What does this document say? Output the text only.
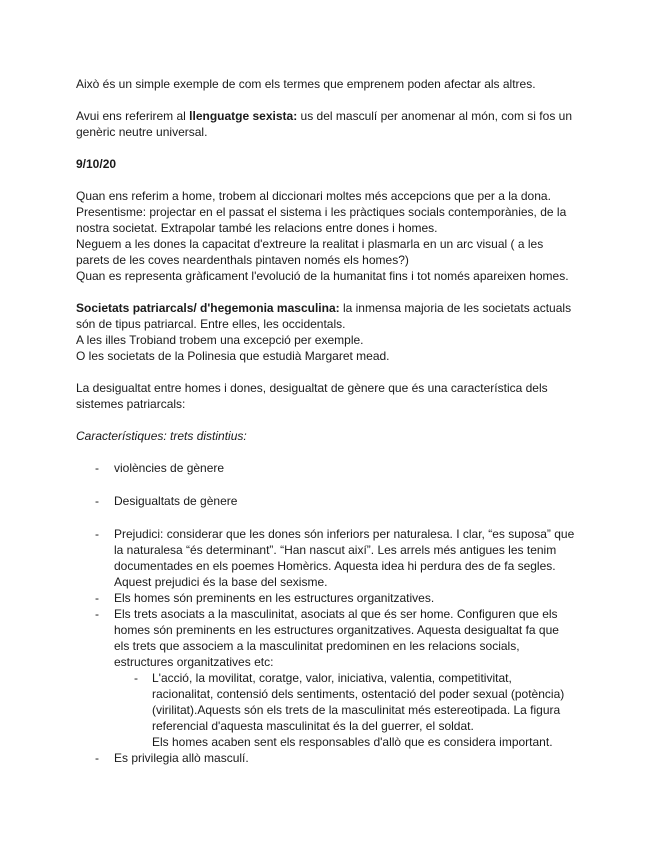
Això és un simple exemple de com els termes que emprenem poden afectar als altres.

Avui ens referirem al llenguatge sexista: us del masculí per anomenar al món, com si fos un genèric neutre universal.

9/10/20

Quan ens referim a home, trobem al diccionari moltes més accepcions que per a la dona.

Presentisme: projectar en el passat el sistema i les pràctiques socials contemporànies, de la nostra societat. Extrapolar també les relacions entre dones i homes.

Neguem a les dones la capacitat d'extreure la realitat i plasmarla en un arc visual ( a les parets de les coves neardenthals pintaven només els homes?)

Quan es representa gràficament l'evolució de la humanitat fins i tot només apareixen homes.

Societats patriarcals/ d'hegemonia masculina: la inmensa majoria de les societats actuals són de tipus patriarcal. Entre elles, les occidentals.

A les illes Trobiand trobem una excepció per exemple.

O les societats de la Polinesia que estudià Margaret mead.

La desigualtat entre homes i dones, desigualtat de gènere que és una característica dels sistemes patriarcals:

Característiques: trets distintius:

- violències de gènere
- Desigualtats de gènere
- Prejudici: considerar que les dones són inferiors per naturalesa. I clar, “es suposa” que la naturalesa “és determinant”. “Han nascut així”. Les arrels més antigues les tenim documentades en els poemes Homèrics. Aquesta idea hi perdura des de fa segles. Aquest prejudici és la base del sexisme.
- Els homes són preminents en les estructures organitzatives.
- Els trets asociats a la masculinitat, asociats al que és ser home. Configuren que els homes són preminents en les estructures organitzatives. Aquesta desigualtat fa que els trets que associem a la masculinitat predominen en les relacions socials, estructures organitzatives etc:
- L'acció, la movilitat, coratge, valor, iniciativa, valentia, competitivitat, racionalitat, contensió dels sentiments, ostentació del poder sexual (potència) (virilitat).Aquests són els trets de la masculinitat més estereotipada. La figura referencial d'aquesta masculinitat és la del guerrer, el soldat.
Els homes acaben sent els responsables d'allò que es considera important.
- Es privilegia allò masculí.
